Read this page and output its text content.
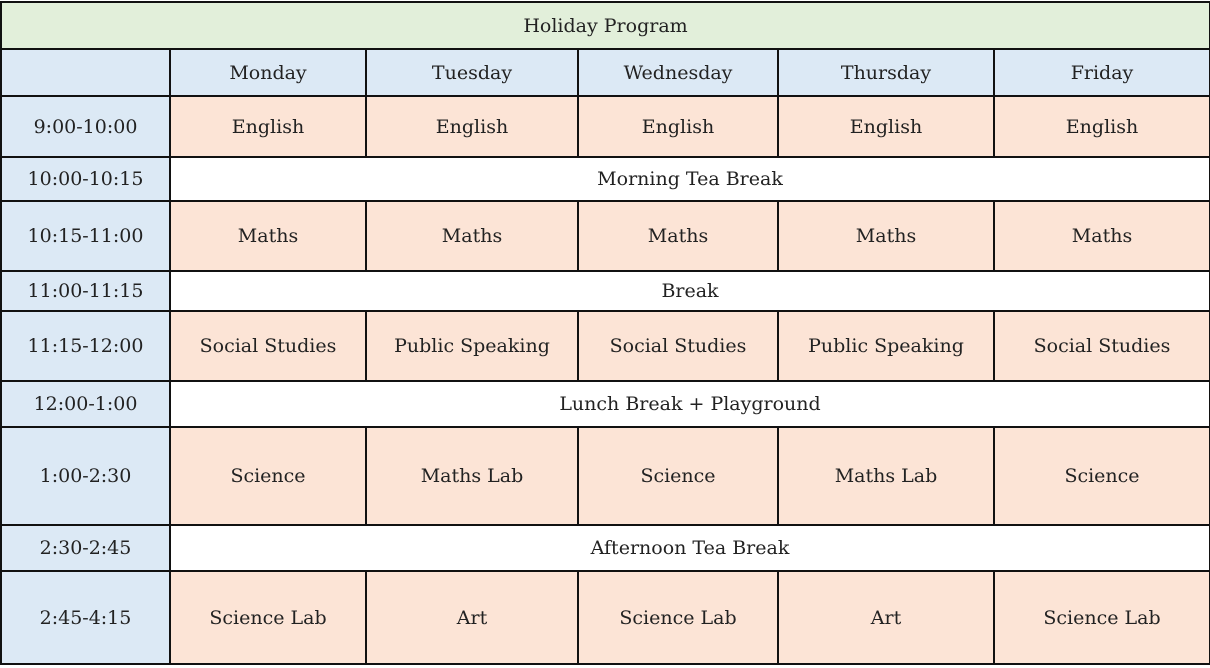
Holiday Program					
	Monday	Tuesday	Wednesday	Thursday	Friday
9:00-10:00	English	English	English	English	English
10:00-10:15	Morning Tea Break				
10:15-11:00	Maths	Maths	Maths	Maths	Maths
11:00-11:15	Break				
11:15-12:00	Social Studies	Public Speaking	Social Studies	Public Speaking	Social Studies
12:00-1:00	Lunch Break + Playground				
1:00-2:30	Science	Maths Lab	Science	Maths Lab	Science
2:30-2:45	Afternoon Tea Break				
2:45-4:15	Science Lab	Art	Science Lab	Art	Science Lab
